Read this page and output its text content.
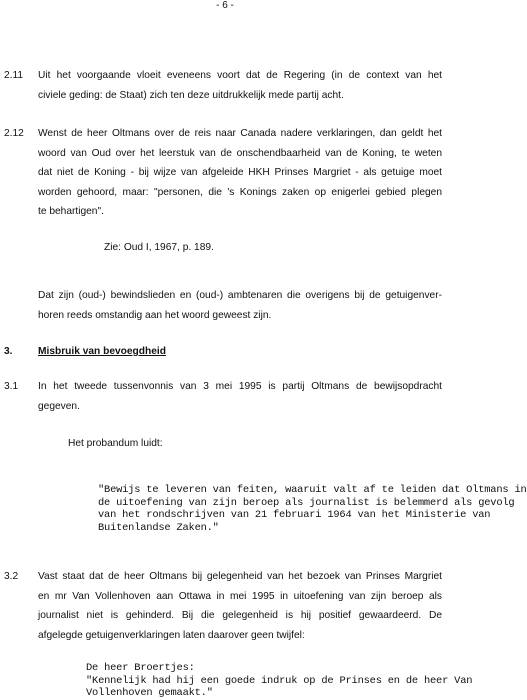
- 6 -
2.11 Uit het voorgaande vloeit eveneens voort dat de Regering (in de context van het
civiele geding: de Staat) zich ten deze uitdrukkelijk mede partij acht.
2.12 Wenst de heer Oltmans over de reis naar Canada nadere verklaringen, dan geldt het
woord van Oud over het leerstuk van de onschendbaarheid van de Koning, te weten
dat niet de Koning - bij wijze van afgeleide HKH Prinses Margriet - als getuige moet
worden gehoord, maar: "personen, die 's Konings zaken op enigerlei gebied plegen
te behartigen".
Zie: Oud I, 1967, p. 189.
Dat zijn (oud-) bewindslieden en (oud-) ambtenaren die overigens bij de getuigenver-
horen reeds omstandig aan het woord geweest zijn.
3.	Misbruik van bevoegdheid
3.1 In het tweede tussenvonnis van 3 mei 1995 is partij Oltmans de bewijsopdracht
gegeven.
Het probandum luidt:
"Bewijs te leveren van feiten, waaruit valt af te leiden dat Oltmans in
de uitoefening van zijn beroep als journalist is belemmerd als gevolg
van het rondschrijven van 21 februari 1964 van het Ministerie van
Buitenlandse Zaken."
3.2 Vast staat dat de heer Oltmans bij gelegenheid van het bezoek van Prinses Margriet
en mr Van Vollenhoven aan Ottawa in mei 1995 in uitoefening van zijn beroep als
journalist niet is gehinderd. Bij die gelegenheid is hij positief gewaardeerd. De
afgelegde getuigenverklaringen laten daarover geen twijfel:
De heer Broertjes:
"Kennelijk had hij een goede indruk op de Prinses en de heer Van
Vollenhoven gemaakt."
